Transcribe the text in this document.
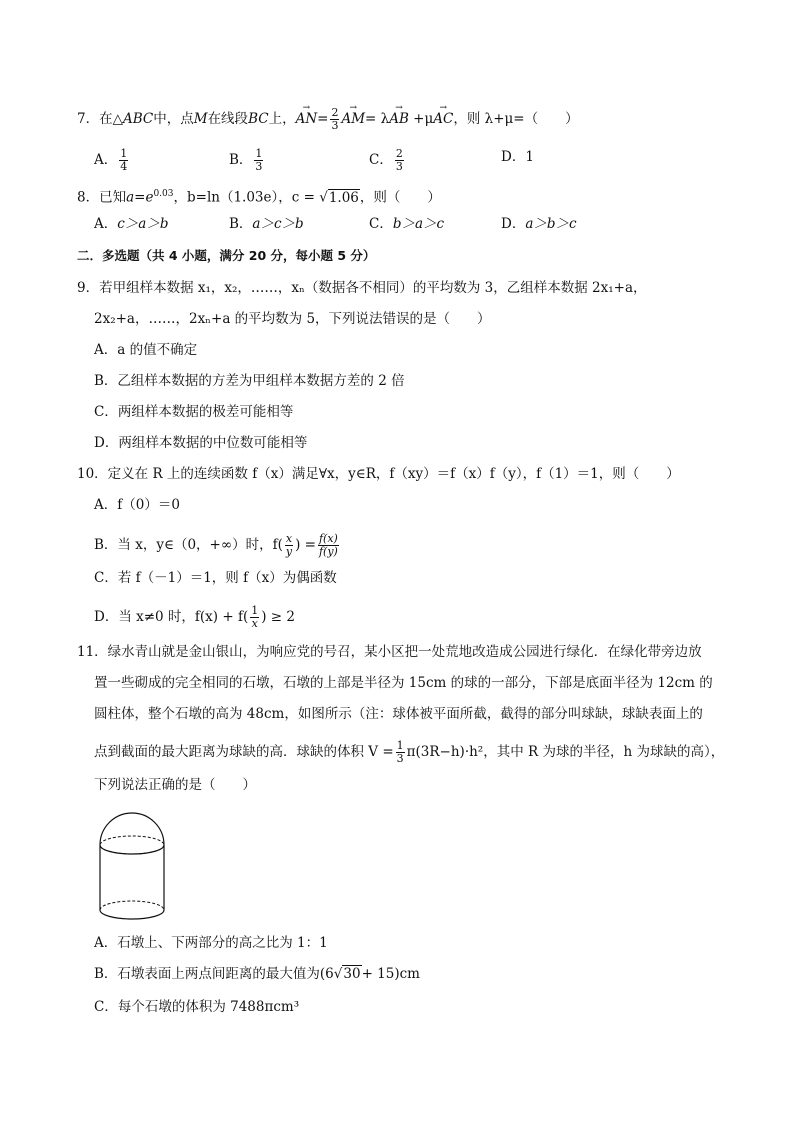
7．在△ABC中，点M在线段BC上，→ $AN= \frac{2}{3}$
→ AM= λ→ AB +μ→ AC，则 λ+μ=（　　）
A． $\frac{1}{4}$	B． $\frac{1}{3}$	C． $\frac{2}{3}$	D．1
8．已知$a=e^{0.03}$，b=ln（1.03e），c = √1.06，则（　　）
A．c＞a＞b	B．a＞c＞b	C．b＞a＞c	D．a＞b＞c
二．多选题（共 4 小题，满分 20 分，每小题 5 分）
9．若甲组样本数据 x₁，x₂，……，xₙ（数据各不相同）的平均数为 3，乙组样本数据 2x₁+a，
2x₂+a，……，2xₙ+a 的平均数为 5，下列说法错误的是（　　）
A．a 的值不确定
B．乙组样本数据的方差为甲组样本数据方差的 2 倍
C．两组样本数据的极差可能相等
D．两组样本数据的中位数可能相等
10．定义在 R 上的连续函数 f（x）满足∀x，y∈R，f（xy）＝f（x）f（y），f（1）＝1，则（　　）
A．f（0）＝0
B．当 x，y∈（0，+∞）时，$f( \frac{x}{y}$ ) = $\frac{f(x)}{f(y)}$
C．若 f（－1）＝1，则 f（x）为偶函数
D．当 x≠0 时，$f(x) + f( \frac{1}{x}$ ) ≥ 2
11．绿水青山就是金山银山，为响应党的号召，某小区把一处荒地改造成公园进行绿化．在绿化带旁边放
置一些砌成的完全相同的石墩，石墩的上部是半径为 15cm 的球的一部分，下部是底面半径为 12cm 的
圆柱体，整个石墩的高为 48cm，如图所示（注：球体被平面所截，截得的部分叫球缺，球缺表面上的
点到截面的最大距离为球缺的高．球缺的体积 $V = \frac{1}{3} \pi(3R-h)\cdot h^2$，其中 R 为球的半径，h 为球缺的高），
下列说法正确的是（　　）
A．石墩上、下两部分的高之比为 1：1
B．石墩表面上两点间距离的最大值为(6√30+ 15)cm
C．每个石墩的体积为 7488πcm³
